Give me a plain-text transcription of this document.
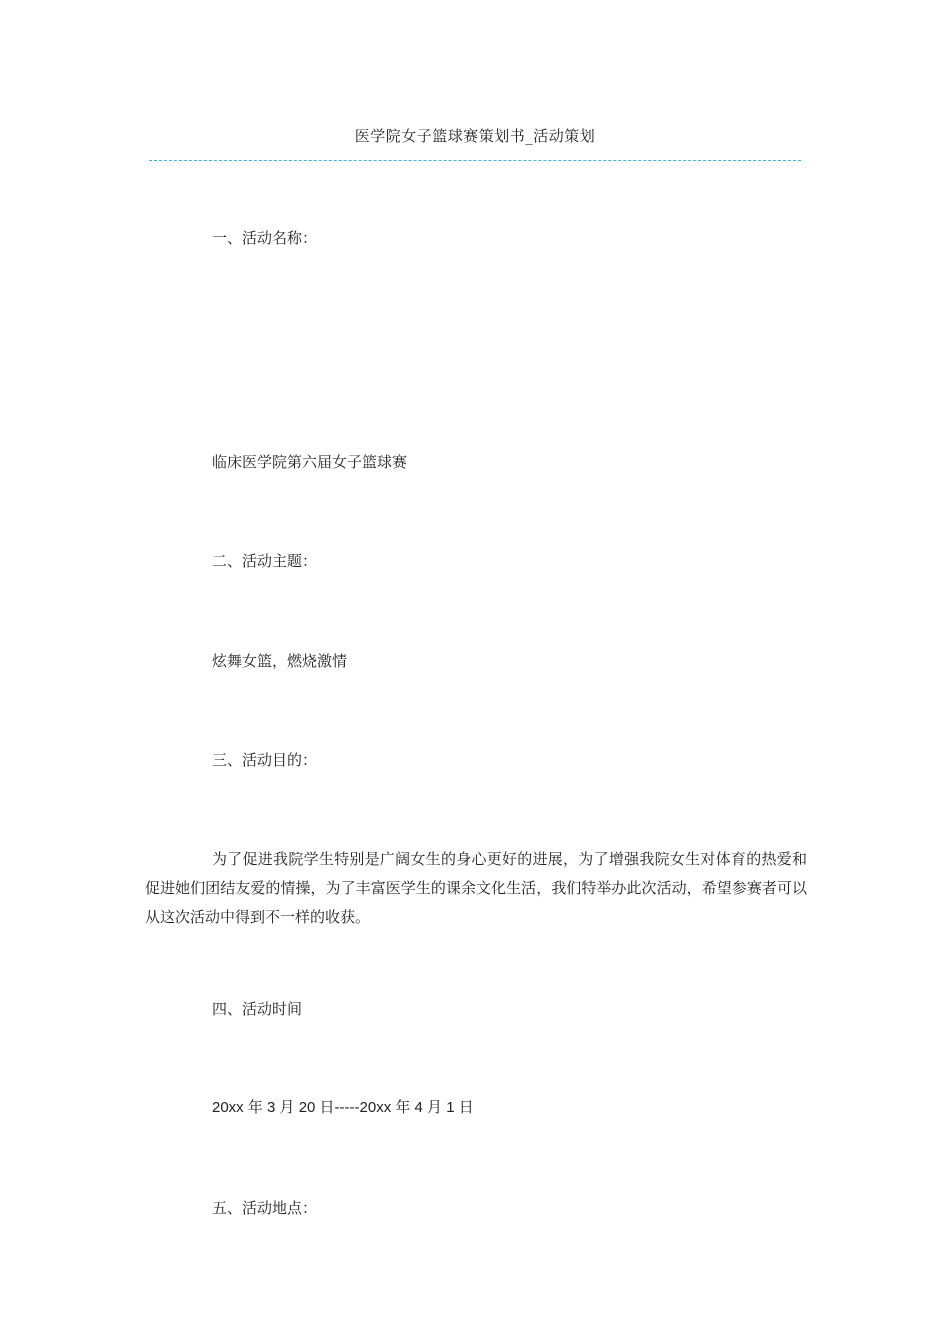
医学院女子篮球赛策划书_活动策划
一、活动名称：
临床医学院第六届女子篮球赛
二、活动主题：
炫舞女篮，燃烧激情
三、活动目的：
为了促进我院学生特别是广阔女生的身心更好的进展，为了增强我院女生对体育的热爱和促进她们团结友爱的情操，为了丰富医学生的课余文化生活，我们特举办此次活动，希望参赛者可以从这次活动中得到不一样的收获。
四、活动时间
20xx 年 3 月 20 日-----20xx 年 4 月 1 日
五、活动地点：
